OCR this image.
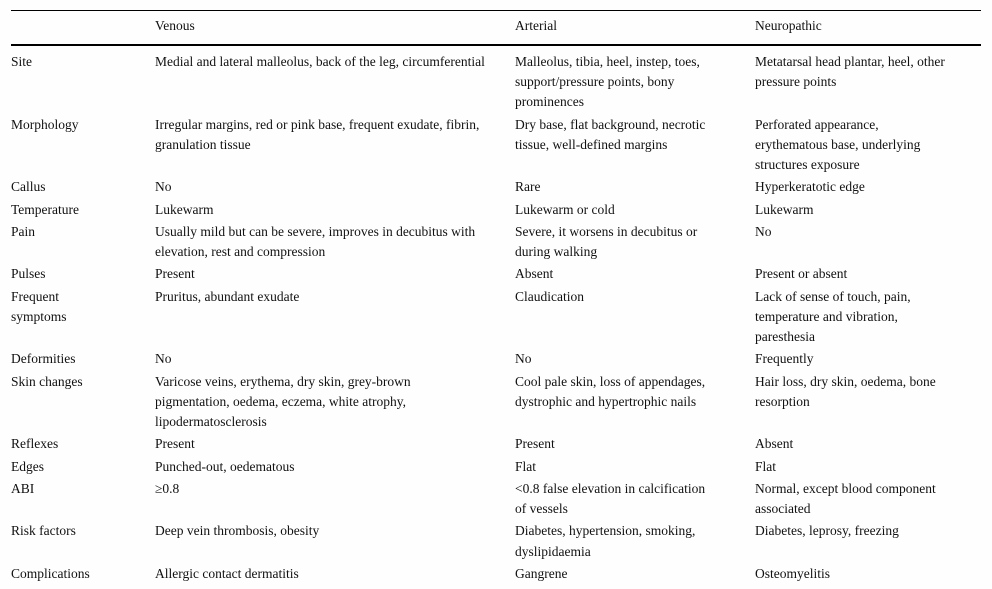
	Venous	Arterial	Neuropathic
Site	Medial and lateral malleolus, back of the leg, circumferential	Malleolus, tibia, heel, instep, toes, support/pressure points, bony prominences	Metatarsal head plantar, heel, other pressure points
Morphology	Irregular margins, red or pink base, frequent exudate, fibrin, granulation tissue	Dry base, flat background, necrotic tissue, well-defined margins	Perforated appearance, erythematous base, underlying structures exposure
Callus	No	Rare	Hyperkeratotic edge
Temperature	Lukewarm	Lukewarm or cold	Lukewarm
Pain	Usually mild but can be severe, improves in decubitus with elevation, rest and compression	Severe, it worsens in decubitus or during walking	No
Pulses	Present	Absent	Present or absent
Frequent symptoms	Pruritus, abundant exudate	Claudication	Lack of sense of touch, pain, temperature and vibration, paresthesia
Deformities	No	No	Frequently
Skin changes	Varicose veins, erythema, dry skin, grey-brown pigmentation, oedema, eczema, white atrophy, lipodermatosclerosis	Cool pale skin, loss of appendages, dystrophic and hypertrophic nails	Hair loss, dry skin, oedema, bone resorption
Reflexes	Present	Present	Absent
Edges	Punched-out, oedematous	Flat	Flat
ABI	≥0.8	<0.8 false elevation in calcification of vessels	Normal, except blood component associated
Risk factors	Deep vein thrombosis, obesity	Diabetes, hypertension, smoking, dyslipidaemia	Diabetes, leprosy, freezing
Complications	Allergic contact dermatitis	Gangrene	Osteomyelitis
